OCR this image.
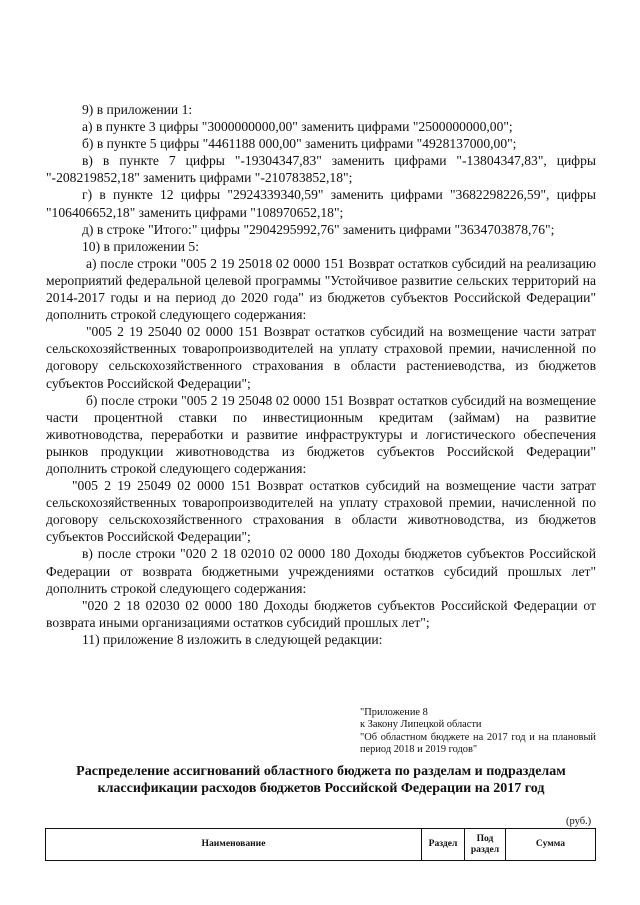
9) в приложении 1:

а) в пункте 3 цифры "3000000000,00" заменить цифрами "2500000000,00";

б) в пункте 5 цифры "4461188 000,00" заменить цифрами "4928137000,00";

в) в пункте 7 цифры "-19304347,83" заменить цифрами "-13804347,83", цифры "-208219852,18" заменить цифрами "-210783852,18";

г) в пункте 12 цифры "2924339340,59" заменить цифрами "3682298226,59", цифры "106406652,18" заменить цифрами "108970652,18";

д) в строке "Итого:" цифры "2904295992,76" заменить цифрами "3634703878,76";

10) в приложении 5:

а) после строки "005 2 19 25018 02 0000 151 Возврат остатков субсидий на реализацию мероприятий федеральной целевой программы "Устойчивое развитие сельских территорий на 2014-2017 годы и на период до 2020 года" из бюджетов субъектов Российской Федерации" дополнить строкой следующего содержания:

"005 2 19 25040 02 0000 151 Возврат остатков субсидий на возмещение части затрат сельскохозяйственных товаропроизводителей на уплату страховой премии, начисленной по договору сельскохозяйственного страхования в области растениеводства, из бюджетов субъектов Российской Федерации";

б) после строки "005 2 19 25048 02 0000 151 Возврат остатков субсидий на возмещение части процентной ставки по инвестиционным кредитам (займам) на развитие животноводства, переработки и развитие инфраструктуры и логистического обеспечения рынков продукции животноводства из бюджетов субъектов Российской Федерации" дополнить строкой следующего содержания:

"005 2 19 25049 02 0000 151 Возврат остатков субсидий на возмещение части затрат сельскохозяйственных товаропроизводителей на уплату страховой премии, начисленной по договору сельскохозяйственного страхования в области животноводства, из бюджетов субъектов Российской Федерации";

в) после строки "020 2 18 02010 02 0000 180 Доходы бюджетов субъектов Российской Федерации от возврата бюджетными учреждениями остатков субсидий прошлых лет" дополнить строкой следующего содержания:

"020 2 18 02030 02 0000 180 Доходы бюджетов субъектов Российской Федерации от возврата иными организациями остатков субсидий прошлых лет";

11) приложение 8 изложить в следующей редакции:

"Приложение 8

к Закону Липецкой области

"Об областном бюджете на 2017 год и на плановый период 2018 и 2019 годов"

Распределение ассигнований областного бюджета по разделам и подразделам классификации расходов бюджетов Российской Федерации на 2017 год
(руб.)
Наименование	Раздел	Под раздел	Сумма
